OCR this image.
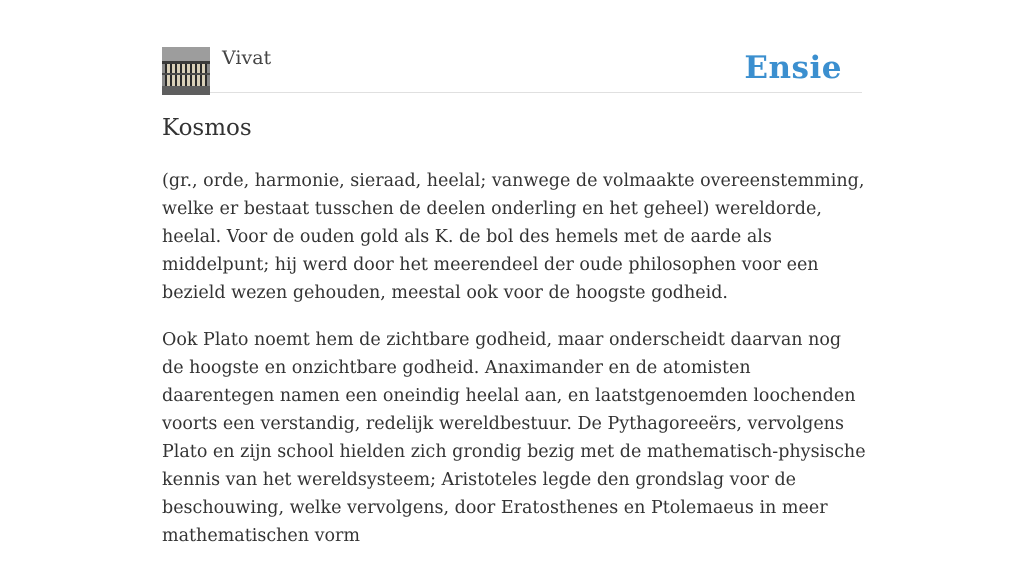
Vivat	Ensie
Kosmos

(gr., orde, harmonie, sieraad, heelal; vanwege de volmaakte overeenstemming, welke er bestaat tusschen de deelen onderling en het geheel) wereldorde, heelal. Voor de ouden gold als K. de bol des hemels met de aarde als middelpunt; hij werd door het meerendeel der oude philosophen voor een bezield wezen gehouden, meestal ook voor de hoogste godheid.

Ook Plato noemt hem de zichtbare godheid, maar onderscheidt daarvan nog de hoogste en onzichtbare godheid. Anaximander en de atomisten daarentegen namen een oneindig heelal aan, en laatstgenoemden loochenden voorts een verstandig, redelijk wereldbestuur. De Pythagoreeërs, vervolgens Plato en zijn school hielden zich grondig bezig met de mathematisch-physische kennis van het wereldsysteem; Aristoteles legde den grondslag voor de beschouwing, welke vervolgens, door Eratosthenes en Ptolemaeus in meer mathematischen vorm
